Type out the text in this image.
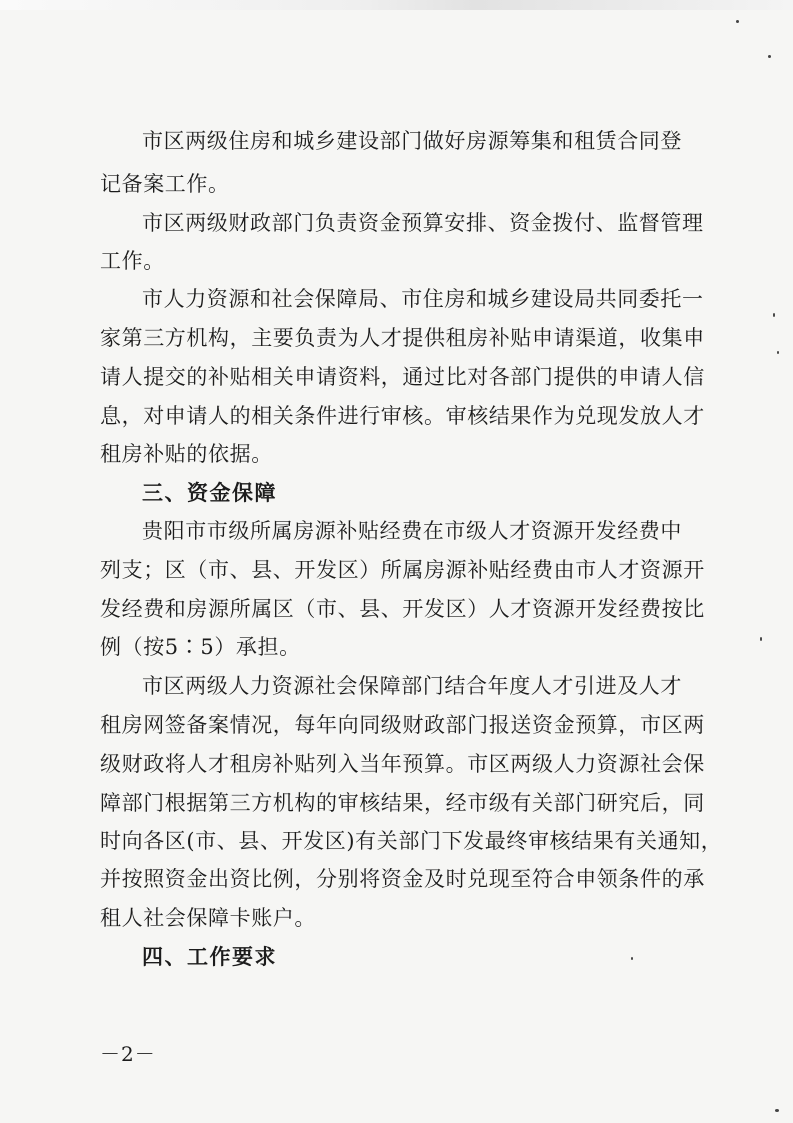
市区两级住房和城乡建设部门做好房源筹集和租赁合同登
记备案工作。
市区两级财政部门负责资金预算安排、资金拨付、监督管理
工作。
市人力资源和社会保障局、市住房和城乡建设局共同委托一
家第三方机构，主要负责为人才提供租房补贴申请渠道，收集申
请人提交的补贴相关申请资料，通过比对各部门提供的申请人信
息，对申请人的相关条件进行审核。审核结果作为兑现发放人才
租房补贴的依据。
三、资金保障
贵阳市市级所属房源补贴经费在市级人才资源开发经费中
列支；区（市、县、开发区）所属房源补贴经费由市人才资源开
发经费和房源所属区（市、县、开发区）人才资源开发经费按比
例（按5∶5）承担。
市区两级人力资源社会保障部门结合年度人才引进及人才
租房网签备案情况，每年向同级财政部门报送资金预算，市区两
级财政将人才租房补贴列入当年预算。市区两级人力资源社会保
障部门根据第三方机构的审核结果，经市级有关部门研究后，同
时向各区(市、县、开发区)有关部门下发最终审核结果有关通知，
并按照资金出资比例，分别将资金及时兑现至符合申领条件的承
租人社会保障卡账户。
四、工作要求
－2－
